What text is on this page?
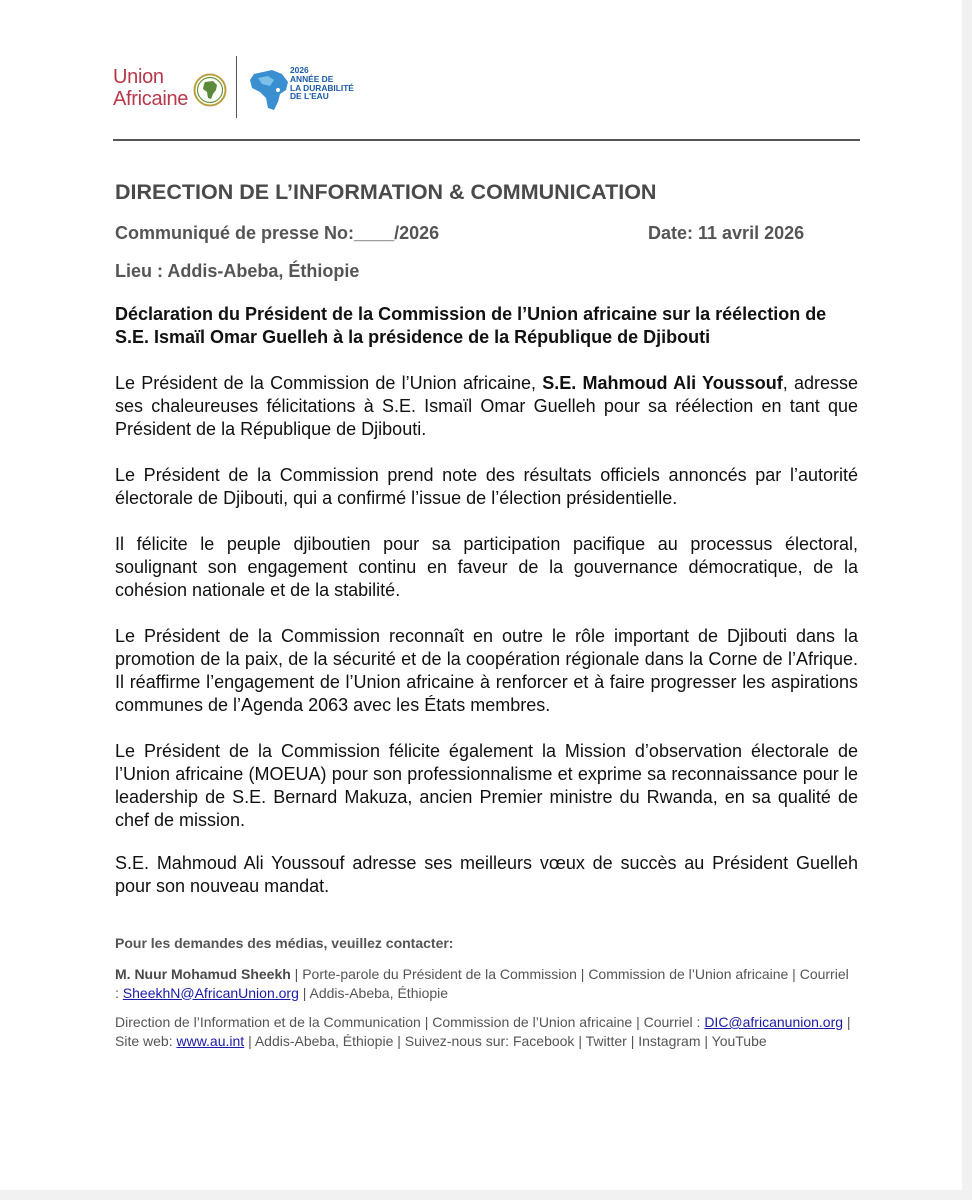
Union
Africaine
2026
ANNÉE DE
LA DURABILITÉ
DE L'EAU
DIRECTION DE L’INFORMATION & COMMUNICATION
Communiqué de presse No:____/2026	Date: 11 avril 2026
Lieu : Addis-Abeba, Éthiopie
Déclaration du Président de la Commission de l’Union africaine sur la réélection de S.E. Ismaïl Omar Guelleh à la présidence de la République de Djibouti
Le Président de la Commission de l’Union africaine, S.E. Mahmoud Ali Youssouf, adresse ses chaleureuses félicitations à S.E. Ismaïl Omar Guelleh pour sa réélection en tant que Président de la République de Djibouti.
Le Président de la Commission prend note des résultats officiels annoncés par l’autorité électorale de Djibouti, qui a confirmé l’issue de l’élection présidentielle.
Il félicite le peuple djiboutien pour sa participation pacifique au processus électoral, soulignant son engagement continu en faveur de la gouvernance démocratique, de la cohésion nationale et de la stabilité.
Le Président de la Commission reconnaît en outre le rôle important de Djibouti dans la promotion de la paix, de la sécurité et de la coopération régionale dans la Corne de l’Afrique. Il réaffirme l’engagement de l’Union africaine à renforcer et à faire progresser les aspirations communes de l’Agenda 2063 avec les États membres.
Le Président de la Commission félicite également la Mission d’observation électorale de l’Union africaine (MOEUA) pour son professionnalisme et exprime sa reconnaissance pour le leadership de S.E. Bernard Makuza, ancien Premier ministre du Rwanda, en sa qualité de chef de mission.
S.E. Mahmoud Ali Youssouf adresse ses meilleurs vœux de succès au Président Guelleh pour son nouveau mandat.
Pour les demandes des médias, veuillez contacter:
M. Nuur Mohamud Sheekh | Porte-parole du Président de la Commission | Commission de l’Union africaine | Courriel : SheekhN@AfricanUnion.org | Addis-Abeba, Éthiopie
Direction de l’Information et de la Communication | Commission de l’Union africaine | Courriel : DIC@africanunion.org | Site web: www.au.int | Addis-Abeba, Éthiopie | Suivez-nous sur: Facebook | Twitter | Instagram | YouTube
